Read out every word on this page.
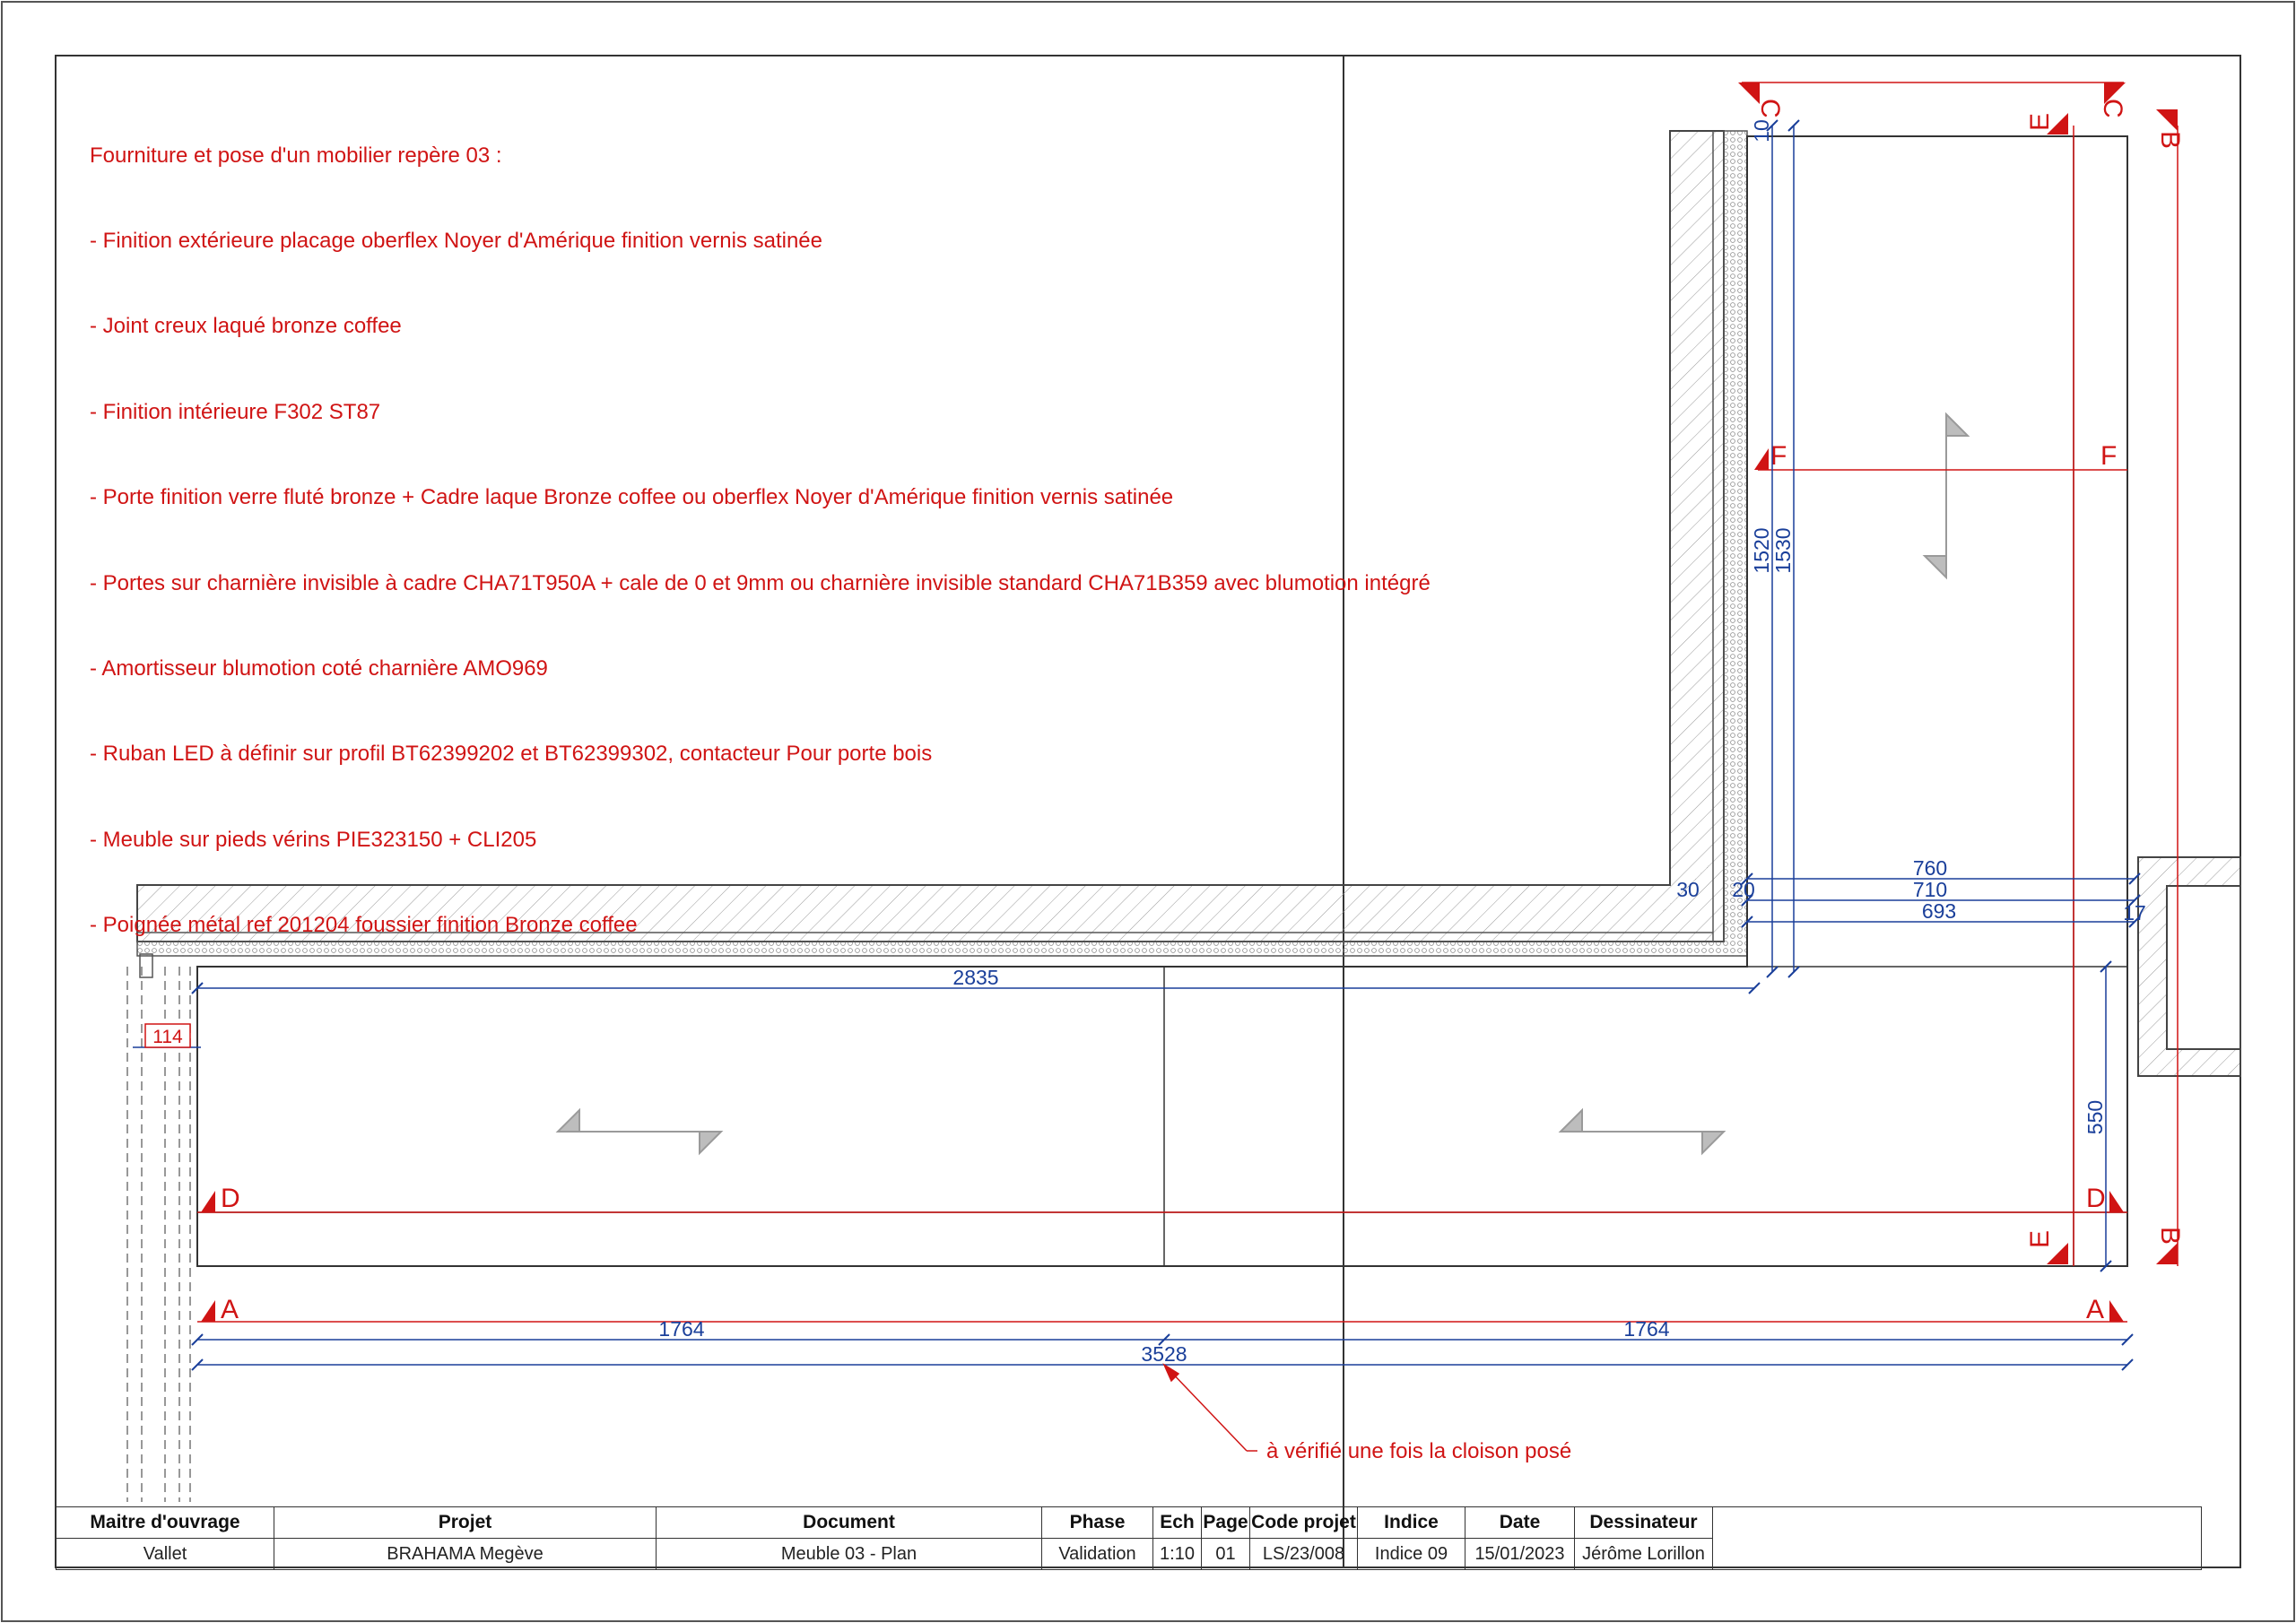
A	A
D	D
F	F
C	C
B
B
E
E
2835
1764	1764
3528
760
710
693
30 20
17
10
1520
1530
550
114
à vérifié une fois la cloison posé

Fourniture et pose d'un mobilier repère 03 :

- Finition extérieure placage oberflex Noyer d'Amérique finition vernis satinée

- Joint creux laqué bronze coffee

- Finition intérieure F302 ST87

- Porte finition verre fluté bronze + Cadre laque Bronze coffee ou oberflex Noyer d'Amérique finition vernis satinée

- Portes sur charnière invisible à cadre CHA71T950A + cale de 0 et 9mm ou charnière invisible standard CHA71B359 avec blumotion intégré

- Amortisseur blumotion coté charnière AMO969

- Ruban LED à définir sur profil BT62399202 et BT62399302, contacteur Pour porte bois

- Meuble sur pieds vérins PIE323150 + CLI205

- Poignée métal ref 201204 foussier finition Bronze coffee

Maitre d'ouvrage	Projet	Document	Phase	Ech	Page	Code projet	Indice	Date	Dessinateur	
Vallet	BRAHAMA Megève	Meuble 03 - Plan	Validation	1:10	01	LS/23/008	Indice 09	15/01/2023	Jérôme Lorillon	
